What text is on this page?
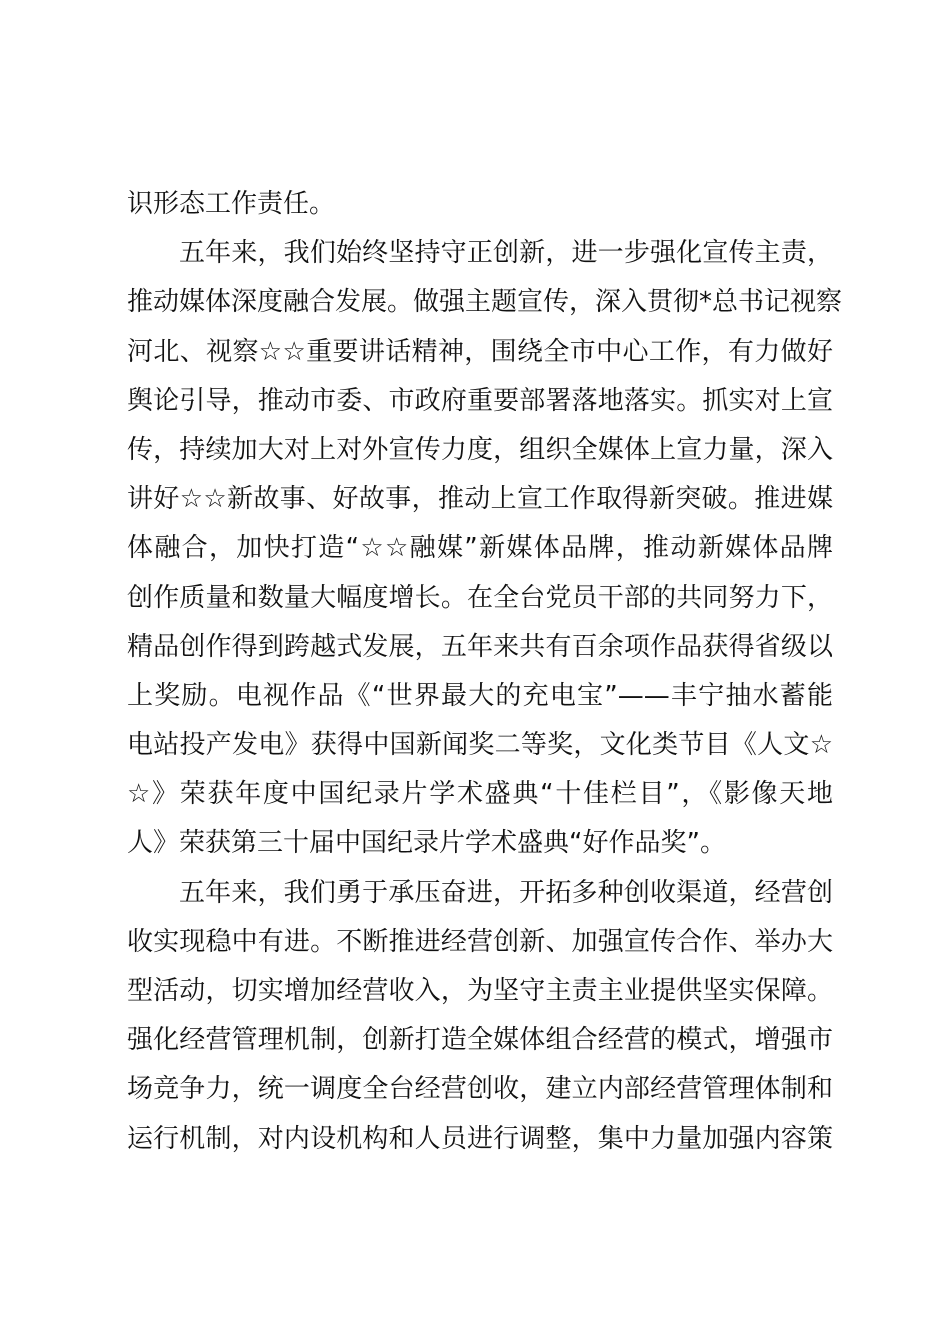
识形态工作责任。
五年来，我们始终坚持守正创新，进一步强化宣传主责，
推动媒体深度融合发展。做强主题宣传，深入贯彻*总书记视察
河北、视察☆☆重要讲话精神，围绕全市中心工作，有力做好
舆论引导，推动市委、市政府重要部署落地落实。抓实对上宣
传，持续加大对上对外宣传力度，组织全媒体上宣力量，深入
讲好☆☆新故事、好故事，推动上宣工作取得新突破。推进媒
体融合，加快打造“☆☆融媒”新媒体品牌，推动新媒体品牌
创作质量和数量大幅度增长。在全台党员干部的共同努力下，
精品创作得到跨越式发展，五年来共有百余项作品获得省级以
上奖励。电视作品《“世界最大的充电宝”——丰宁抽水蓄能
电站投产发电》获得中国新闻奖二等奖，文化类节目《人文☆
☆》荣获年度中国纪录片学术盛典“十佳栏目”，《影像天地
人》荣获第三十届中国纪录片学术盛典“好作品奖”。
五年来，我们勇于承压奋进，开拓多种创收渠道，经营创
收实现稳中有进。不断推进经营创新、加强宣传合作、举办大
型活动，切实增加经营收入，为坚守主责主业提供坚实保障。
强化经营管理机制，创新打造全媒体组合经营的模式，增强市
场竞争力，统一调度全台经营创收，建立内部经营管理体制和
运行机制，对内设机构和人员进行调整，集中力量加强内容策
